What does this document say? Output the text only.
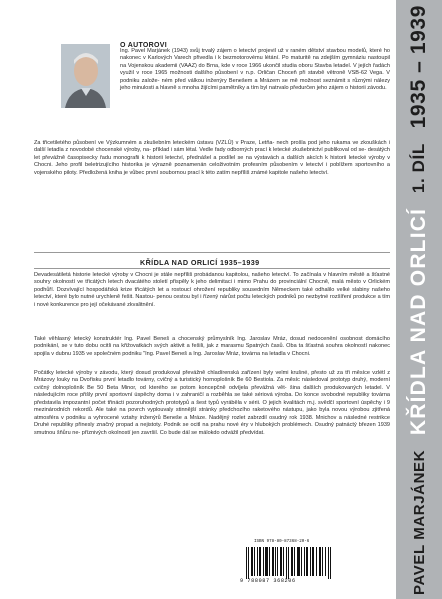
O AUTOROVI

Ing. Pavel Marjánek (1943) svůj trvalý zájem o letectví projevil už v raném dětství stavbou modelů, které ho nakonec v Karlových Varech přivedla i k bezmotorovému létání. Po maturitě na zdejším gymnáziu nastoupil na Vojenskou akademii (VAAZ) do Brna, kde v roce 1966 ukončil studia oboru Stavba letadel. V jejích řadách využil v roce 1965 možnosti dalšího působení v n.p. Orličan Choceň při stavbě větroně VSB-62 Vega. V podniku založe- ném před válkou inženýry Benešem a Mrázem se mě možnost seznámit s různými nálezy jeho minulosti a hlavně s mnoha žijícími pamětníky a tím byl natrvalo předurčen jeho zájem o historii závodu.

Za třicetiletého působení ve Výzkumném a zkušebním leteckém ústavu (VZLÚ) v Praze, Letňa- nech prošla pod jeho rukama ve zkouškách i další letadla z novodobé chocenské výroby, na- příklad i sám létal. Vedle řady odborných prací k letecké zkušebnictví publikoval od se- desátých let převážně časopisecky řadu monografii k historii letectví, přednášel a podílel se na výstavách a dalších akcích k historii letecké výroby v Chocni. Jeho profil beletrizujícího historika je výrazně poznamenán celoživotním profesním působením v letectví i poblížem sportovního a vojenského piloty. Předložená kniha je vůbec první soubornou prací k této zatím nepříliš známé kapitole našeho letectví.

KŘÍDLA NAD ORLICÍ 1935–1939

Devadesátiletá historie letecké výroby v Chocni je stále nepříliš probádanou kapitolou, našeho letectví. To začínala v hlavním městě a šťastné souhry okolností ve třicátých letech dvacátého století přispěly k jeho delimitaci i mimo Prahu do provinciální Chocně, malá město v Orlickém podhůří. Dozvívající hospodářská krize třicátých let a rostoucí ohrožení republiky sousedním Německem také odhalilo velké slabiny našeho letectví, které bylo nutné urychleně řešit. Nastou- penou cestou byl i řízený nárůst počtu leteckých podniků po nezbytné rozšíření produkce a tím i nové konkurence pro její očekávané zkvalitnění.

Také věhlasný letecký konstruktér Ing. Pavel Beneš a chocenský průmyslník Ing. Jaroslav Mráz, dosud nedocenění osobnost domácího podnikání, se v tuto dobu ocitli na křižovatkách svých aktivit a řešili, jak z marasmu Spatných časů. Oba ta šťastná souhra okolností nakonec spojila v dubnu 1935 ve společném podniku "Ing. Pavel Beneš a Ing. Jaroslav Mráz, továrna na letadla v Chocni.

Počátky letecké výroby v závodu, který dosud produkoval převážně chladírenská zařízení byly velmi krušné, přesto už za tři měsíce vzlétl z Mrázovy louky na Dvořisku první letadlo továrny, cvičný a turistický hornoplošník Be 60 Bestiola. Za měsíc následoval prototyp druhý, moderní cvičný dolnoplošník Be 50 Beta Minor, od kterého se potom koncepčně odvíjela převážná vět- šina dalších produkovaných letadel. V následujícím roce přišly první sportovní úspěchy doma i v zahraničí a rozběhla se také sériová výroba. Do konce svobodné republiky továrna představila impozantní počet třinácti pozoruhodných prototypů a šest typů vyráběla v sérii. O jejich kvalitách m.j. svědčí sportovní úspěchy i 9 mezinárodních rekordů. Ale také na povrch vyplouvaly stinnější stránky předchozího raketového nástupu, jako byla novou výrobou zjitřená atmosféra v podniku a vyhrocené vztahy inženýrů Beneše a Mráze. Nadějný rozlet zabrzdil osudný rok 1938. Mnichov a následné restrikce Druhé republiky přinesly značný propad a nejistoty. Podnik se ocitl na prahu nové éry v hlubokých problémech. Osudný patnáctý březen 1939 smutnou šňůru ne- příznivých okolností jen završil. Co bude dál se málokdo odvážil předvídat.

ISBN 978-80-87368-20-6
9 788087 368206	PAVEL MARJÁNEK
KŘÍDLA NAD ORLICÍ
1. DÍL
1935 – 1939
